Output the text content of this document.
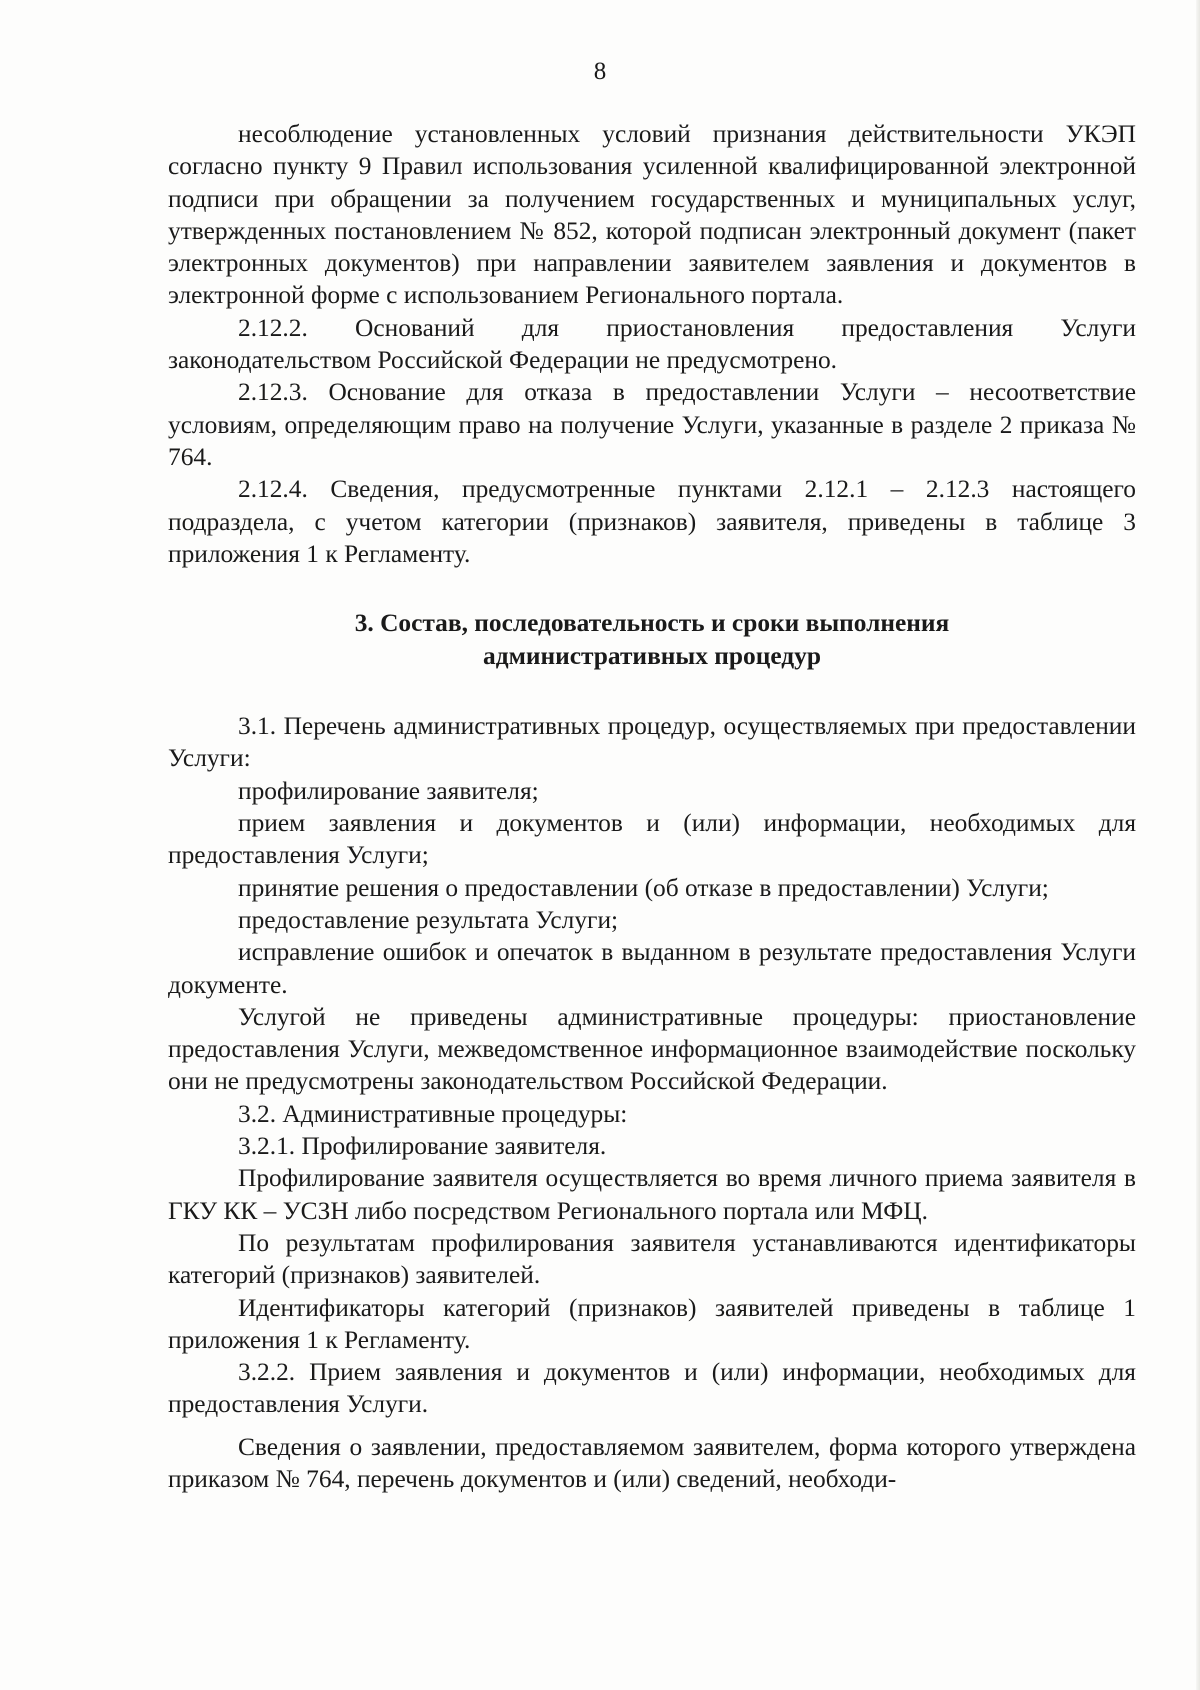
8

несоблюдение установленных условий признания действительности УКЭП согласно пункту 9 Правил использования усиленной квалифицированной электронной подписи при обращении за получением государственных и муниципальных услуг, утвержденных постановлением № 852, которой подписан электронный документ (пакет электронных документов) при направлении заявителем заявления и документов в электронной форме с использованием Регионального портала.

2.12.2. Оснований для приостановления предоставления Услуги законодательством Российской Федерации не предусмотрено.

2.12.3. Основание для отказа в предоставлении Услуги – несоответствие условиям, определяющим право на получение Услуги, указанные в разделе 2 приказа № 764.

2.12.4. Сведения, предусмотренные пунктами 2.12.1 – 2.12.3 настоящего подраздела, с учетом категории (признаков) заявителя, приведены в таблице 3 приложения 1 к Регламенту.

3. Состав, последовательность и сроки выполнения
административных процедур

3.1. Перечень административных процедур, осуществляемых при предоставлении Услуги:

профилирование заявителя;

прием заявления и документов и (или) информации, необходимых для предоставления Услуги;

принятие решения о предоставлении (об отказе в предоставлении) Услуги;

предоставление результата Услуги;

исправление ошибок и опечаток в выданном в результате предоставления Услуги документе.

Услугой не приведены административные процедуры: приостановление предоставления Услуги, межведомственное информационное взаимодействие поскольку они не предусмотрены законодательством Российской Федерации.

3.2. Административные процедуры:

3.2.1. Профилирование заявителя.

Профилирование заявителя осуществляется во время личного приема заявителя в ГКУ КК – УСЗН либо посредством Регионального портала или МФЦ.

По результатам профилирования заявителя устанавливаются идентификаторы категорий (признаков) заявителей.

Идентификаторы категорий (признаков) заявителей приведены в таблице 1 приложения 1 к Регламенту.

3.2.2. Прием заявления и документов и (или) информации, необходимых для предоставления Услуги.

Сведения о заявлении, предоставляемом заявителем, форма которого утверждена приказом № 764, перечень документов и (или) сведений, необходи-
